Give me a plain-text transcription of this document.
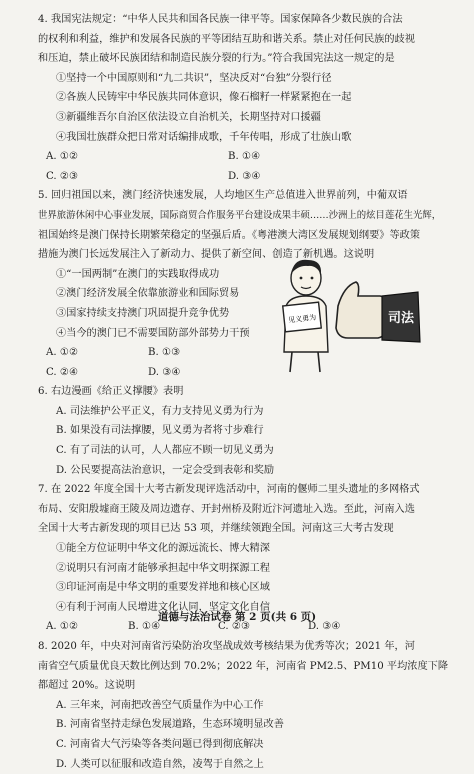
4. 我国宪法规定：“中华人民共和国各民族一律平等。国家保障各少数民族的合法
的权利和利益，维护和发展各民族的平等团结互助和谐关系。禁止对任何民族的歧视
和压迫，禁止破坏民族团结和制造民族分裂的行为。”符合我国宪法这一规定的是
①坚持一个中国原则和“九二共识”，坚决反对“台独”分裂行径
②各族人民铸牢中华民族共同体意识，像石榴籽一样紧紧抱在一起
③新疆维吾尔自治区依法设立自治机关，长期坚持对口援疆
④我国壮族群众把日常对话编排成歌，千年传唱，形成了壮族山歌
A. ①②	B. ①④
C. ②③	D. ③④
5. 回归祖国以来，澳门经济快速发展，人均地区生产总值进入世界前列，中葡双语
世界旅游休闲中心事业发展，国际商贸合作服务平台建设成果丰硕……沙洲上的炫目莲花生光辉，
祖国始终是澳门保持长期繁荣稳定的坚强后盾。《粤港澳大湾区发展规划纲要》等政策
措施为澳门长远发展注入了新动力、提供了新空间、创造了新机遇。这说明
①“一国两制”在澳门的实践取得成功
②澳门经济发展全依靠旅游业和国际贸易
③国家持续支持澳门巩固提升竞争优势
④当今的澳门已不需要国防部外部势力干预
A. ①②	B. ①③
C. ②④	D. ③④
6. 右边漫画《给正义撑腰》表明
A. 司法维护公平正义，有力支持见义勇为行为
B. 如果没有司法撑腰，见义勇为者将寸步难行
C. 有了司法的认可，人人都应不顾一切见义勇为
D. 公民要提高法治意识，一定会受到表彰和奖励
7. 在 2022 年度全国十大考古新发现评选活动中，河南的偃师二里头遗址的多网格式
布局、安阳殷墟商王陵及周边遗存、开封州桥及附近汴河遗址入选。至此，河南入选
全国十大考古新发现的项目已达 53 项，并继续领跑全国。河南这三大考古发现
①能全方位证明中华文化的源远流长、博大精深
②说明只有河南才能够承担起中华文明探源工程
③印证河南是中华文明的重要发祥地和核心区域
④有利于河南人民增进文化认同，坚定文化自信
A. ①②	B. ①④	C. ②③	D. ③④
8. 2020 年，中央对河南省污染防治攻坚战成效考核结果为优秀等次；2021 年，河
南省空气质量优良天数比例达到 70.2%；2022 年，河南省 PM2.5、PM10 平均浓度下降
都超过 20%。这说明
A. 三年来，河南把改善空气质量作为中心工作
B. 河南省坚持走绿色发展道路，生态环境明显改善
C. 河南省大气污染等各类问题已得到彻底解决
D. 人类可以征服和改造自然，凌驾于自然之上
见义勇为	司法
道德与法治试卷 第 2 页(共 6 页)
